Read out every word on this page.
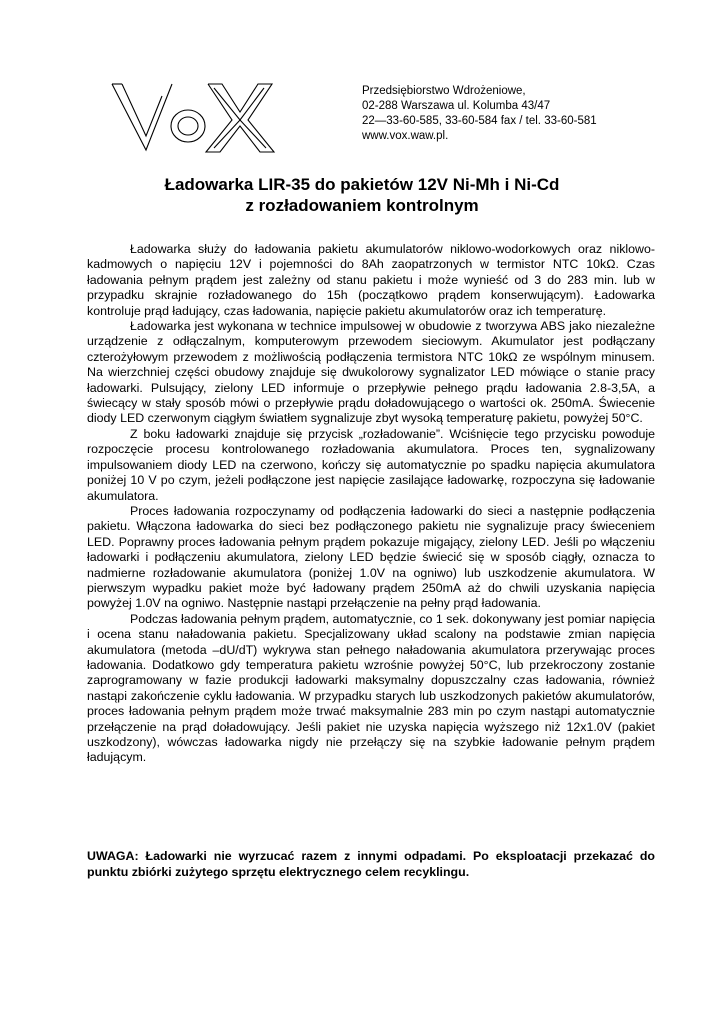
Przedsiębiorstwo Wdrożeniowe,
02-288 Warszawa ul. Kolumba 43/47
22—33-60-585, 33-60-584 fax / tel. 33-60-581
www.vox.waw.pl.
Ładowarka LIR-35 do pakietów 12V Ni-Mh i Ni-Cd
z rozładowaniem kontrolnym

Ładowarka służy do ładowania pakietu akumulatorów niklowo-wodorkowych oraz niklowo-kadmowych o napięciu 12V i pojemności do 8Ah zaopatrzonych w termistor NTC 10kΩ. Czas ładowania pełnym prądem jest zależny od stanu pakietu i może wynieść od 3 do 283 min. lub w przypadku skrajnie rozładowanego do 15h (początkowo prądem konserwującym). Ładowarka kontroluje prąd ładujący, czas ładowania, napięcie pakietu akumulatorów oraz ich temperaturę.

Ładowarka jest wykonana w technice impulsowej w obudowie z tworzywa ABS jako niezależne urządzenie z odłączalnym, komputerowym przewodem sieciowym. Akumulator jest podłączany czterożyłowym przewodem z możliwością podłączenia termistora NTC 10kΩ ze wspólnym minusem. Na wierzchniej części obudowy znajduje się dwukolorowy sygnalizator LED mówiące o stanie pracy ładowarki. Pulsujący, zielony LED informuje o przepływie pełnego prądu ładowania 2.8-3,5A, a świecący w stały sposób mówi o przepływie prądu doładowującego o wartości ok. 250mA. Świecenie diody LED czerwonym ciągłym światłem sygnalizuje zbyt wysoką temperaturę pakietu, powyżej 50°C.

Z boku ładowarki znajduje się przycisk „rozładowanie”. Wciśnięcie tego przycisku powoduje rozpoczęcie procesu kontrolowanego rozładowania akumulatora. Proces ten, sygnalizowany impulsowaniem diody LED na czerwono, kończy się automatycznie po spadku napięcia akumulatora poniżej 10 V po czym, jeżeli podłączone jest napięcie zasilające ładowarkę, rozpoczyna się ładowanie akumulatora.

Proces ładowania rozpoczynamy od podłączenia ładowarki do sieci a następnie podłączenia pakietu. Włączona ładowarka do sieci bez podłączonego pakietu nie sygnalizuje pracy świeceniem LED. Poprawny proces ładowania pełnym prądem pokazuje migający, zielony LED. Jeśli po włączeniu ładowarki i podłączeniu akumulatora, zielony LED będzie świecić się w sposób ciągły, oznacza to nadmierne rozładowanie akumulatora (poniżej 1.0V na ogniwo) lub uszkodzenie akumulatora. W pierwszym wypadku pakiet może być ładowany prądem 250mA aż do chwili uzyskania napięcia powyżej 1.0V na ogniwo. Następnie nastąpi przełączenie na pełny prąd ładowania.

Podczas ładowania pełnym prądem, automatycznie, co 1 sek. dokonywany jest pomiar napięcia i ocena stanu naładowania pakietu. Specjalizowany układ scalony na podstawie zmian napięcia akumulatora (metoda –dU/dT) wykrywa stan pełnego naładowania akumulatora przerywając proces ładowania. Dodatkowo gdy temperatura pakietu wzrośnie powyżej 50°C, lub przekroczony zostanie zaprogramowany w fazie produkcji ładowarki maksymalny dopuszczalny czas ładowania, również nastąpi zakończenie cyklu ładowania. W przypadku starych lub uszkodzonych pakietów akumulatorów, proces ładowania pełnym prądem może trwać maksymalnie 283 min po czym nastąpi automatycznie przełączenie na prąd doładowujący. Jeśli pakiet nie uzyska napięcia wyższego niż 12x1.0V (pakiet uszkodzony), wówczas ładowarka nigdy nie przełączy się na szybkie ładowanie pełnym prądem ładującym.

UWAGA: Ładowarki nie wyrzucać razem z innymi odpadami. Po eksploatacji przekazać do punktu zbiórki zużytego sprzętu elektrycznego celem recyklingu.
